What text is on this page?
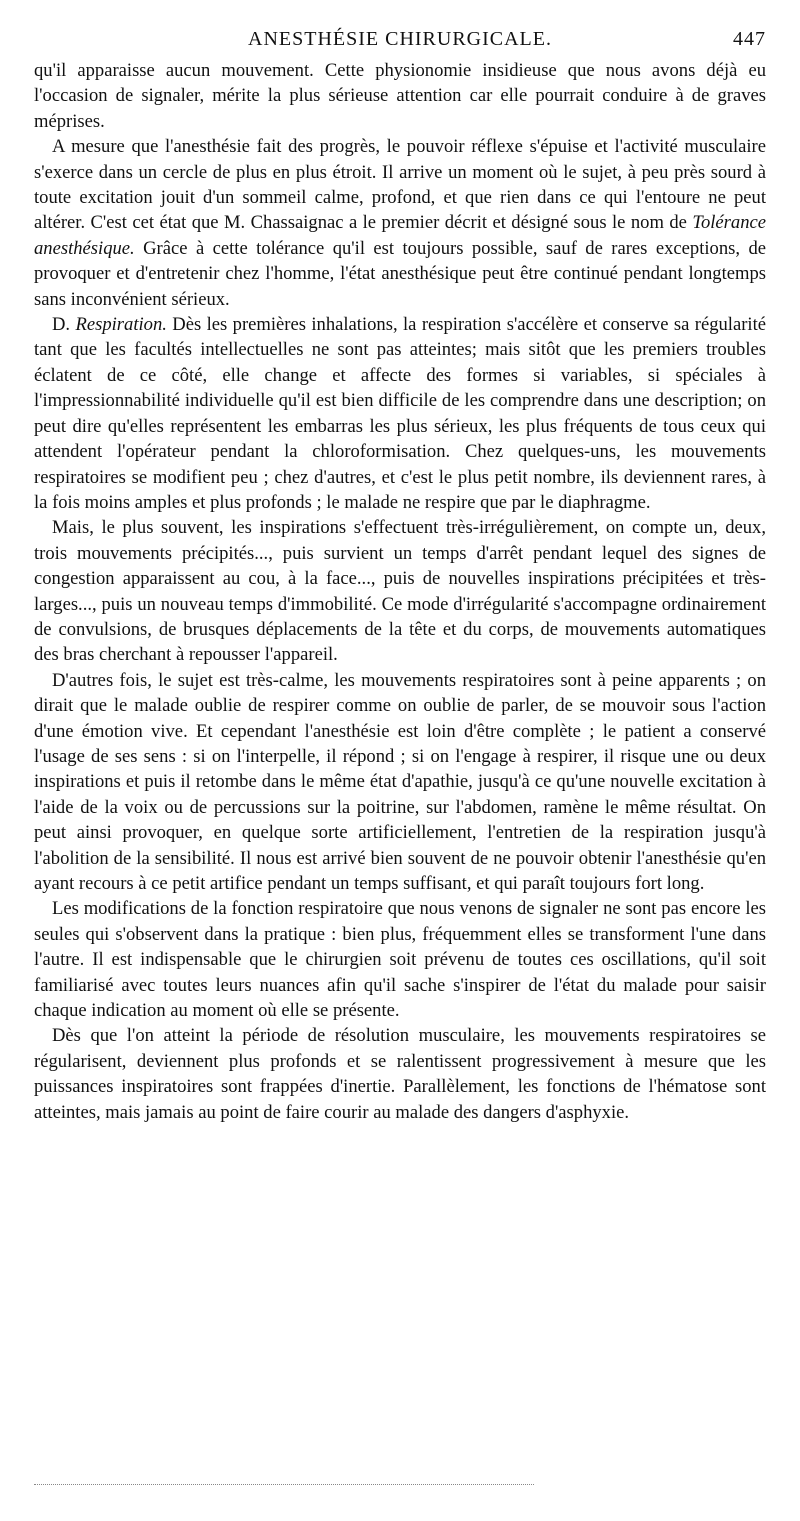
ANESTHÉSIE CHIRURGICALE.	447

qu'il apparaisse aucun mouvement. Cette physionomie insidieuse que nous avons déjà eu l'occasion de signaler, mérite la plus sérieuse attention car elle pourrait conduire à de graves méprises.

A mesure que l'anesthésie fait des progrès, le pouvoir réflexe s'épuise et l'activité musculaire s'exerce dans un cercle de plus en plus étroit. Il arrive un moment où le sujet, à peu près sourd à toute excitation jouit d'un sommeil calme, profond, et que rien dans ce qui l'entoure ne peut altérer. C'est cet état que M. Chassaignac a le premier décrit et désigné sous le nom de Tolérance anesthésique. Grâce à cette tolérance qu'il est toujours possible, sauf de rares exceptions, de provoquer et d'entretenir chez l'homme, l'état anesthésique peut être continué pendant longtemps sans inconvénient sérieux.

D. Respiration. Dès les premières inhalations, la respiration s'accélère et conserve sa régularité tant que les facultés intellectuelles ne sont pas atteintes; mais sitôt que les premiers troubles éclatent de ce côté, elle change et affecte des formes si variables, si spéciales à l'impressionnabilité individuelle qu'il est bien difficile de les comprendre dans une description; on peut dire qu'elles représentent les embarras les plus sérieux, les plus fréquents de tous ceux qui attendent l'opérateur pendant la chloroformisation. Chez quelques-uns, les mouvements respiratoires se modifient peu ; chez d'autres, et c'est le plus petit nombre, ils deviennent rares, à la fois moins amples et plus profonds ; le malade ne respire que par le diaphragme.

Mais, le plus souvent, les inspirations s'effectuent très-irrégulièrement, on compte un, deux, trois mouvements précipités..., puis survient un temps d'arrêt pendant lequel des signes de congestion apparaissent au cou, à la face..., puis de nouvelles inspirations précipitées et très-larges..., puis un nouveau temps d'immobilité. Ce mode d'irrégularité s'accompagne ordinairement de convulsions, de brusques déplacements de la tête et du corps, de mouvements automatiques des bras cherchant à repousser l'appareil.

D'autres fois, le sujet est très-calme, les mouvements respiratoires sont à peine apparents ; on dirait que le malade oublie de respirer comme on oublie de parler, de se mouvoir sous l'action d'une émotion vive. Et cependant l'anesthésie est loin d'être complète ; le patient a conservé l'usage de ses sens : si on l'interpelle, il répond ; si on l'engage à respirer, il risque une ou deux inspirations et puis il retombe dans le même état d'apathie, jusqu'à ce qu'une nouvelle excitation à l'aide de la voix ou de percussions sur la poitrine, sur l'abdomen, ramène le même résultat. On peut ainsi provoquer, en quelque sorte artificiellement, l'entretien de la respiration jusqu'à l'abolition de la sensibilité. Il nous est arrivé bien souvent de ne pouvoir obtenir l'anesthésie qu'en ayant recours à ce petit artifice pendant un temps suffisant, et qui paraît toujours fort long.

Les modifications de la fonction respiratoire que nous venons de signaler ne sont pas encore les seules qui s'observent dans la pratique : bien plus, fréquemment elles se transforment l'une dans l'autre. Il est indispensable que le chirurgien soit prévenu de toutes ces oscillations, qu'il soit familiarisé avec toutes leurs nuances afin qu'il sache s'inspirer de l'état du malade pour saisir chaque indication au moment où elle se présente.

Dès que l'on atteint la période de résolution musculaire, les mouvements respiratoires se régularisent, deviennent plus profonds et se ralentissent progressivement à mesure que les puissances inspiratoires sont frappées d'inertie. Parallèlement, les fonctions de l'hématose sont atteintes, mais jamais au point de faire courir au malade des dangers d'asphyxie.
